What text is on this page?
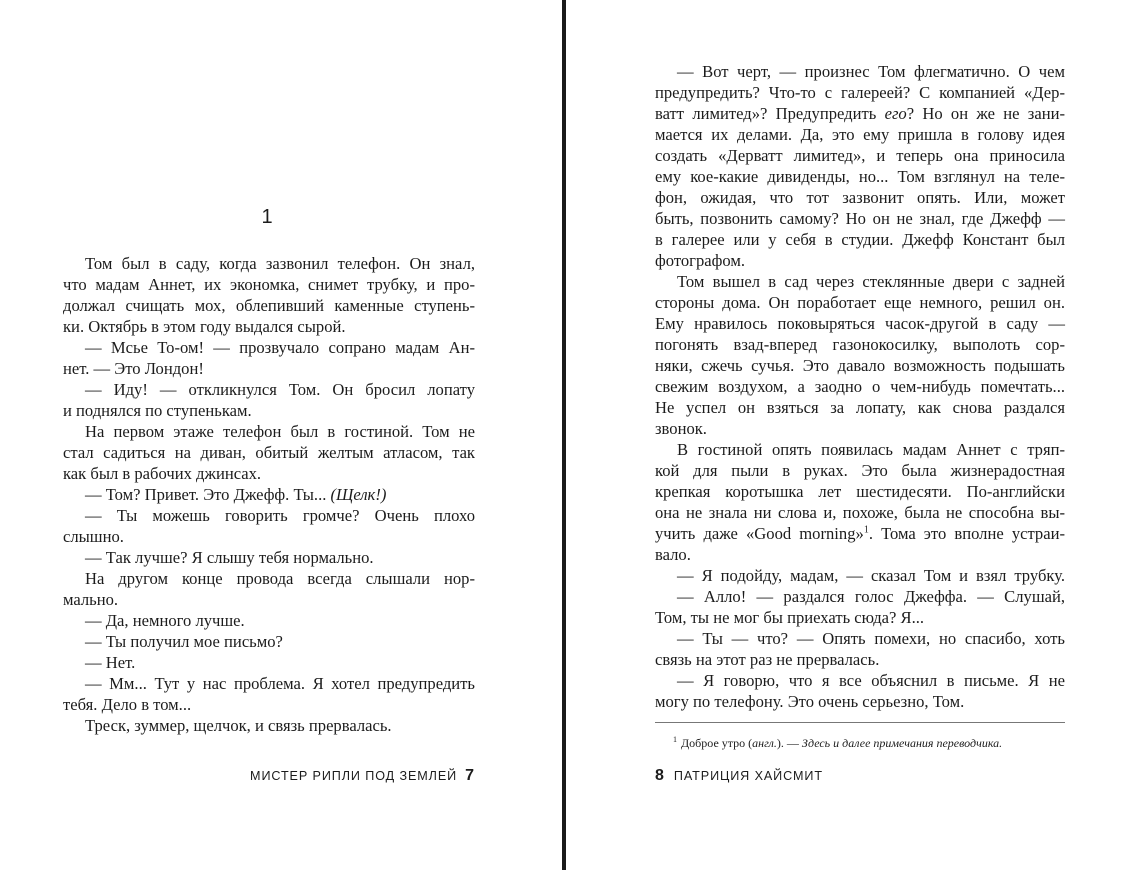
1
Том был в саду, когда зазвонил телефон. Он знал,
что мадам Аннет, их экономка, снимет трубку, и про-
должал счищать мох, облепивший каменные ступень-
ки. Октябрь в этом году выдался сырой.
— Мсье То-ом! — прозвучало сопрано мадам Ан-
нет. — Это Лондон!
— Иду! — откликнулся Том. Он бросил лопату
и поднялся по ступенькам.
На первом этаже телефон был в гостиной. Том не
стал садиться на диван, обитый желтым атласом, так
как был в рабочих джинсах.
— Том? Привет. Это Джефф. Ты... (Щелк!)
— Ты можешь говорить громче? Очень плохо
слышно.
— Так лучше? Я слышу тебя нормально.
На другом конце провода всегда слышали нор-
мально.
— Да, немного лучше.
— Ты получил мое письмо?
— Нет.
— Мм... Тут у нас проблема. Я хотел предупредить
тебя. Дело в том...
Треск, зуммер, щелчок, и связь прервалась.
МИСТЕР РИПЛИ ПОД ЗЕМЛЕЙ 7
— Вот черт, — произнес Том флегматично. О чем
предупредить? Что-то с галереей? С компанией «Дер-
ватт лимитед»? Предупредить его? Но он же не зани-
мается их делами. Да, это ему пришла в голову идея
создать «Дерватт лимитед», и теперь она приносила
ему кое-какие дивиденды, но... Том взглянул на теле-
фон, ожидая, что тот зазвонит опять. Или, может
быть, позвонить самому? Но он не знал, где Джефф —
в галерее или у себя в студии. Джефф Констант был
фотографом.
Том вышел в сад через стеклянные двери с задней
стороны дома. Он поработает еще немного, решил он.
Ему нравилось поковыряться часок-другой в саду —
погонять взад-вперед газонокосилку, выполоть сор-
няки, сжечь сучья. Это давало возможность подышать
свежим воздухом, а заодно о чем-нибудь помечтать...
Не успел он взяться за лопату, как снова раздался
звонок.
В гостиной опять появилась мадам Аннет с тряп-
кой для пыли в руках. Это была жизнерадостная
крепкая коротышка лет шестидесяти. По-английски
она не знала ни слова и, похоже, была не способна вы-
учить даже «Good morning»$^1$. Тома это вполне устраи-
вало.
— Я подойду, мадам, — сказал Том и взял трубку.
— Алло! — раздался голос Джеффа. — Слушай,
Том, ты не мог бы приехать сюда? Я...
— Ты — что? — Опять помехи, но спасибо, хоть
связь на этот раз не прервалась.
— Я говорю, что я все объяснил в письме. Я не
могу по телефону. Это очень серьезно, Том.
$^1$ Доброе утро (англ.). — Здесь и далее примечания переводчика.
8 ПАТРИЦИЯ ХАЙСМИТ
